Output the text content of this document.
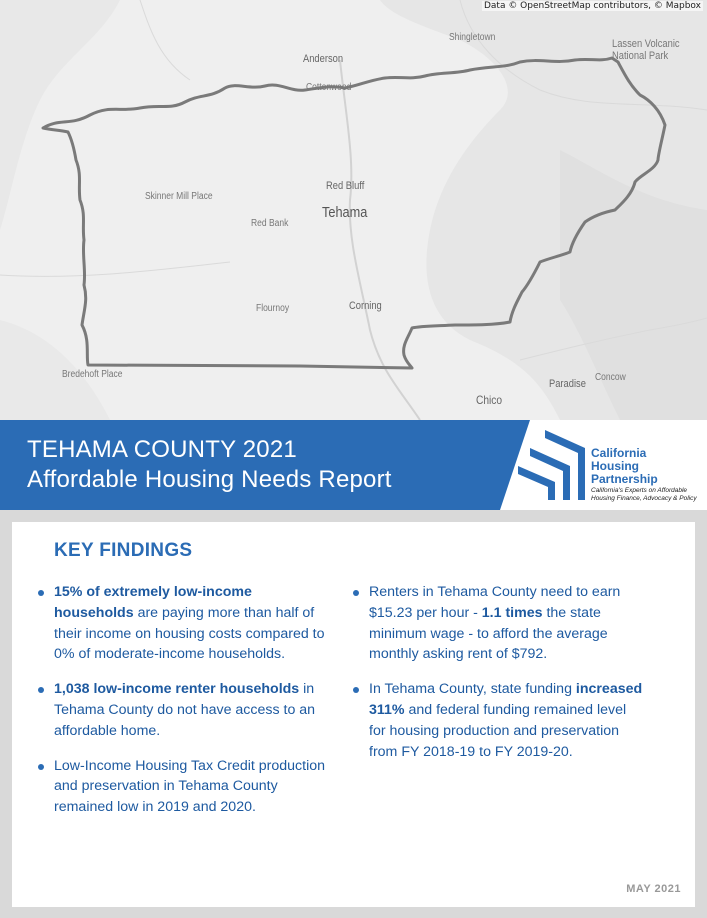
Data © OpenStreetMap contributors, © Mapbox
Shingletown
Lassen Volcanic
National Park
Anderson
Cottonwood
Red Bluff
Tehama
Skinner Mill Place
Red Bank
Flournoy	Corning
Bredehoft Place
Paradise
Concow
Chico
TEHAMA COUNTY 2021
Affordable Housing Needs Report
California
Housing
Partnership
California's Experts on Affordable
Housing Finance, Advocacy & Policy
KEY FINDINGS
15% of extremely low-income households are paying more than half of their income on housing costs compared to 0% of moderate-income households.
1,038 low-income renter households in Tehama County do not have access to an affordable home.
Low-Income Housing Tax Credit production and preservation in Tehama County remained low in 2019 and 2020.
Renters in Tehama County need to earn $15.23 per hour - 1.1 times the state minimum wage - to afford the average monthly asking rent of $792.
In Tehama County, state funding increased 311% and federal funding remained level for housing production and preservation from FY 2018-19 to FY 2019-20.
MAY 2021
